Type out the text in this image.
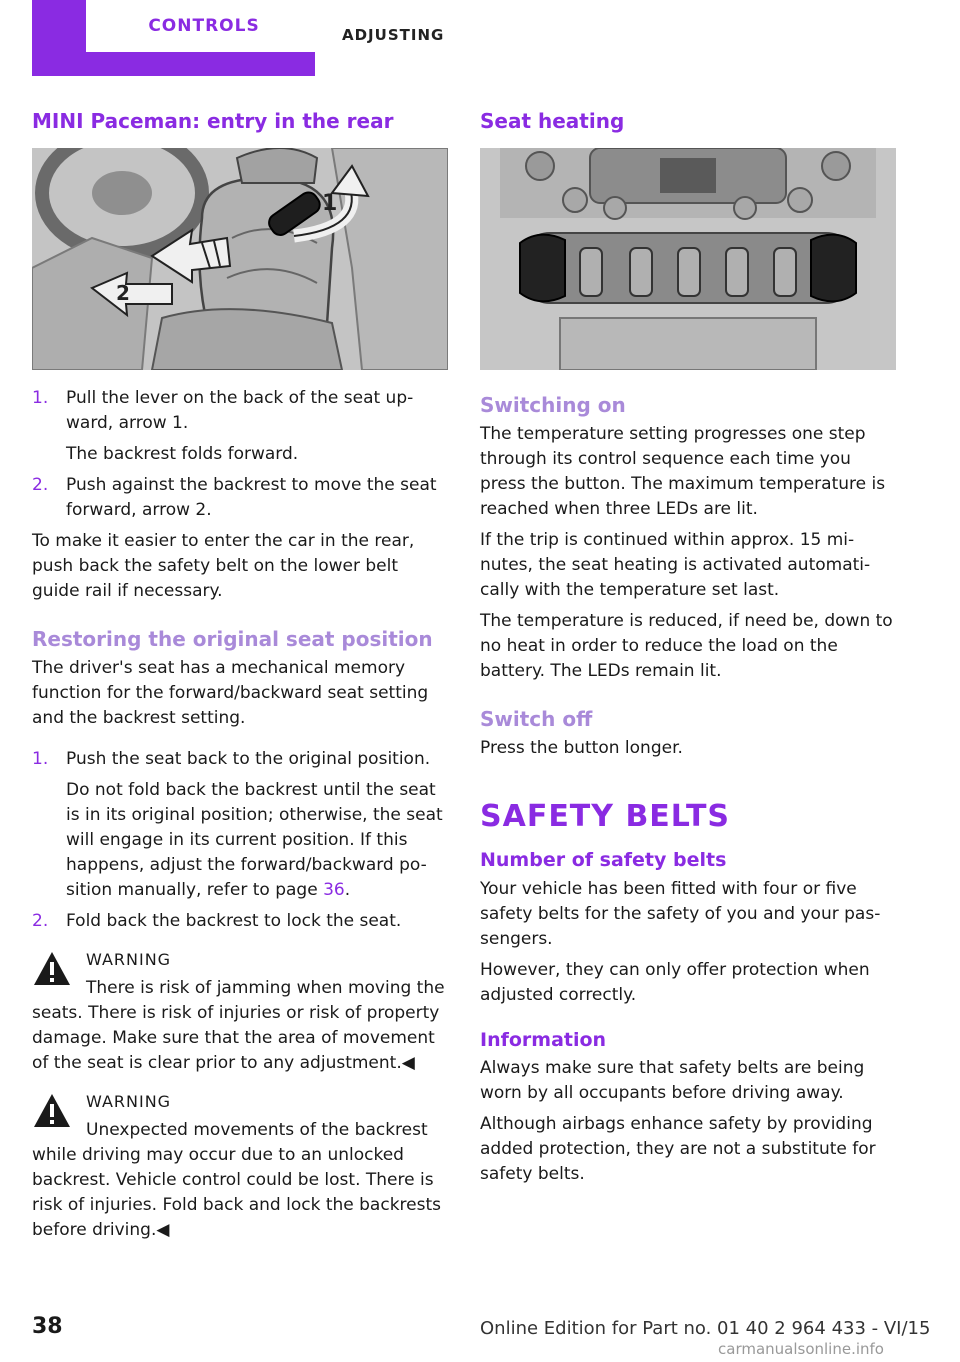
CONTROLS	ADJUSTING
MINI Paceman: entry in the rear
2
1
1. Pull the lever on the back of the seat up-ward, arrow 1.
The backrest folds forward.
2. Push against the backrest to move the seat forward, arrow 2.

To make it easier to enter the car in the rear, push back the safety belt on the lower belt guide rail if necessary.

Restoring the original seat position

The driver's seat has a mechanical memory function for the forward/backward seat setting and the backrest setting.

1. Push the seat back to the original position.
Do not fold back the backrest until the seat is in its original position; otherwise, the seat will engage in its current position. If this happens, adjust the forward/backward po-sition manually, refer to page 36.
2. Fold back the backrest to lock the seat.
WARNING
There is risk of jamming when moving the
seats. There is risk of injuries or risk of property damage. Make sure that the area of movement of the seat is clear prior to any adjustment.◀
WARNING
Unexpected movements of the backrest
while driving may occur due to an unlocked backrest. Vehicle control could be lost. There is risk of injuries. Fold back and lock the backrests before driving.◀
Seat heating
Switching on

The temperature setting progresses one step through its control sequence each time you press the button. The maximum temperature is reached when three LEDs are lit.

If the trip is continued within approx. 15 mi-nutes, the seat heating is activated automati-cally with the temperature set last.

The temperature is reduced, if need be, down to no heat in order to reduce the load on the battery. The LEDs remain lit.

Switch off

Press the button longer.

SAFETY BELTS
Number of safety belts

Your vehicle has been fitted with four or five safety belts for the safety of you and your pas-sengers.

However, they can only offer protection when adjusted correctly.

Information

Always make sure that safety belts are being worn by all occupants before driving away.

Although airbags enhance safety by providing added protection, they are not a substitute for safety belts.

38	Online Edition for Part no. 01 40 2 964 433 - VI/15
carmanualsonline.info
